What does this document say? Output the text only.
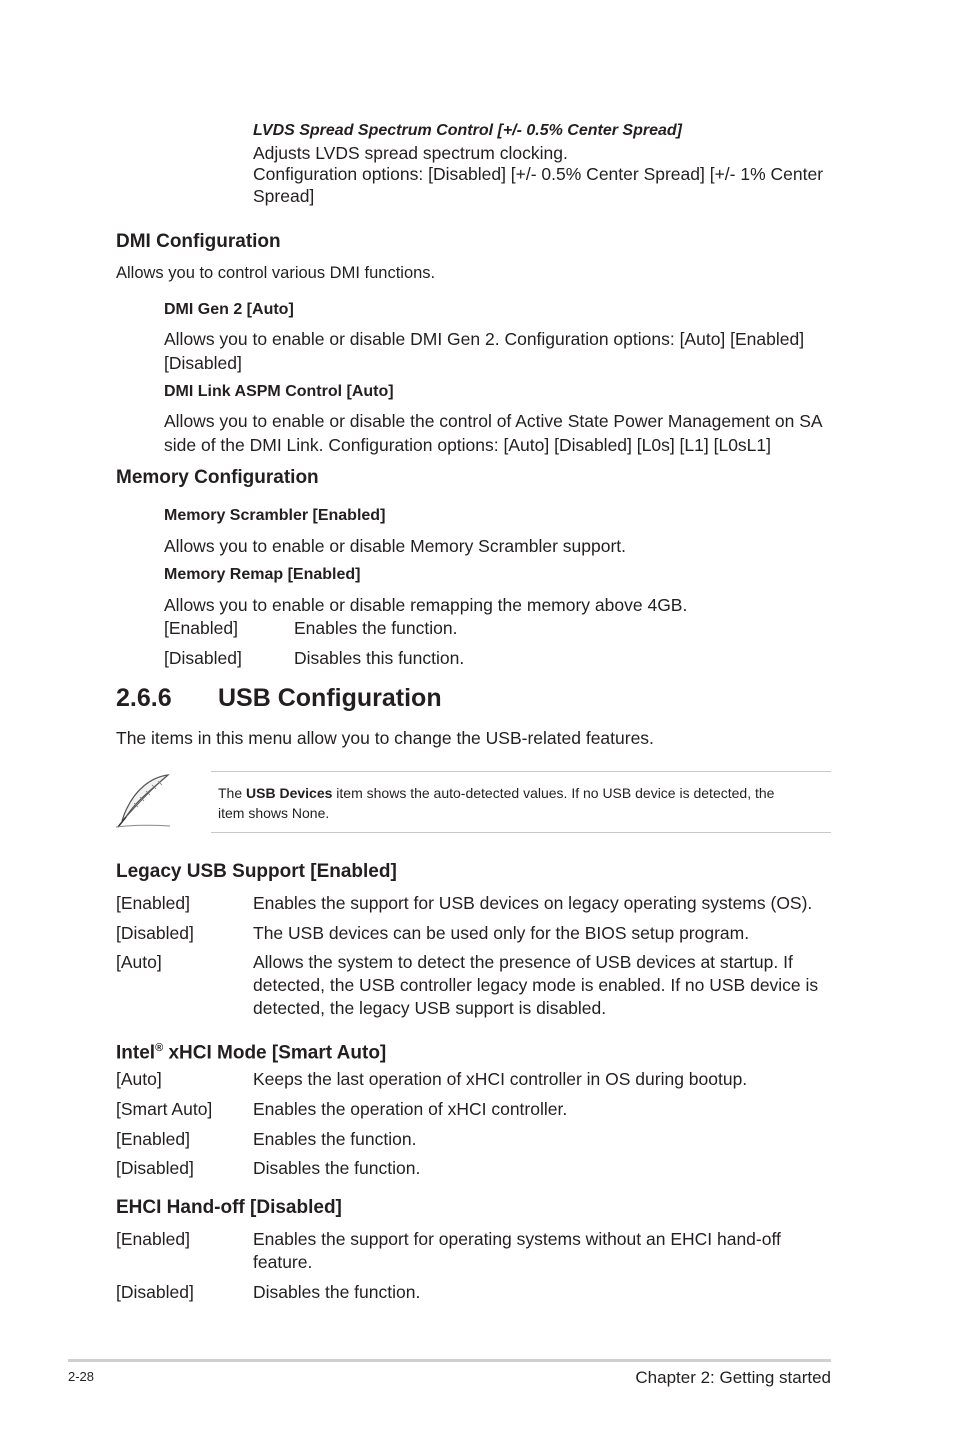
LVDS Spread Spectrum Control [+/- 0.5% Center Spread]
Adjusts LVDS spread spectrum clocking.
Configuration options: [Disabled] [+/- 0.5% Center Spread] [+/- 1% Center
Spread]
DMI Configuration
Allows you to control various DMI functions.
DMI Gen 2 [Auto]
Allows you to enable or disable DMI Gen 2. Configuration options: [Auto] [Enabled]
[Disabled]
DMI Link ASPM Control [Auto]
Allows you to enable or disable the control of Active State Power Management on SA
side of the DMI Link. Configuration options: [Auto] [Disabled] [L0s] [L1] [L0sL1]
Memory Configuration
Memory Scrambler [Enabled]
Allows you to enable or disable Memory Scrambler support.
Memory Remap [Enabled]
Allows you to enable or disable remapping the memory above 4GB.
[Enabled]	Enables the function.
[Disabled]	Disables this function.
2.6.6 USB Configuration
The items in this menu allow you to change the USB-related features.
The USB Devices item shows the auto-detected values. If no USB device is detected, the
item shows None.
Legacy USB Support [Enabled]
[Enabled]	Enables the support for USB devices on legacy operating systems (OS).
[Disabled]	The USB devices can be used only for the BIOS setup program.
[Auto]	Allows the system to detect the presence of USB devices at startup. If
detected, the USB controller legacy mode is enabled. If no USB device is
detected, the legacy USB support is disabled.
Intel® xHCI Mode [Smart Auto]
[Auto]	Keeps the last operation of xHCI controller in OS during bootup.
[Smart Auto] Enables the operation of xHCI controller.
[Enabled]	Enables the function.
[Disabled]	Disables the function.
EHCI Hand-off [Disabled]
[Enabled]	Enables the support for operating systems without an EHCI hand-off
feature.
[Disabled]	Disables the function.
2-28	Chapter 2: Getting started
